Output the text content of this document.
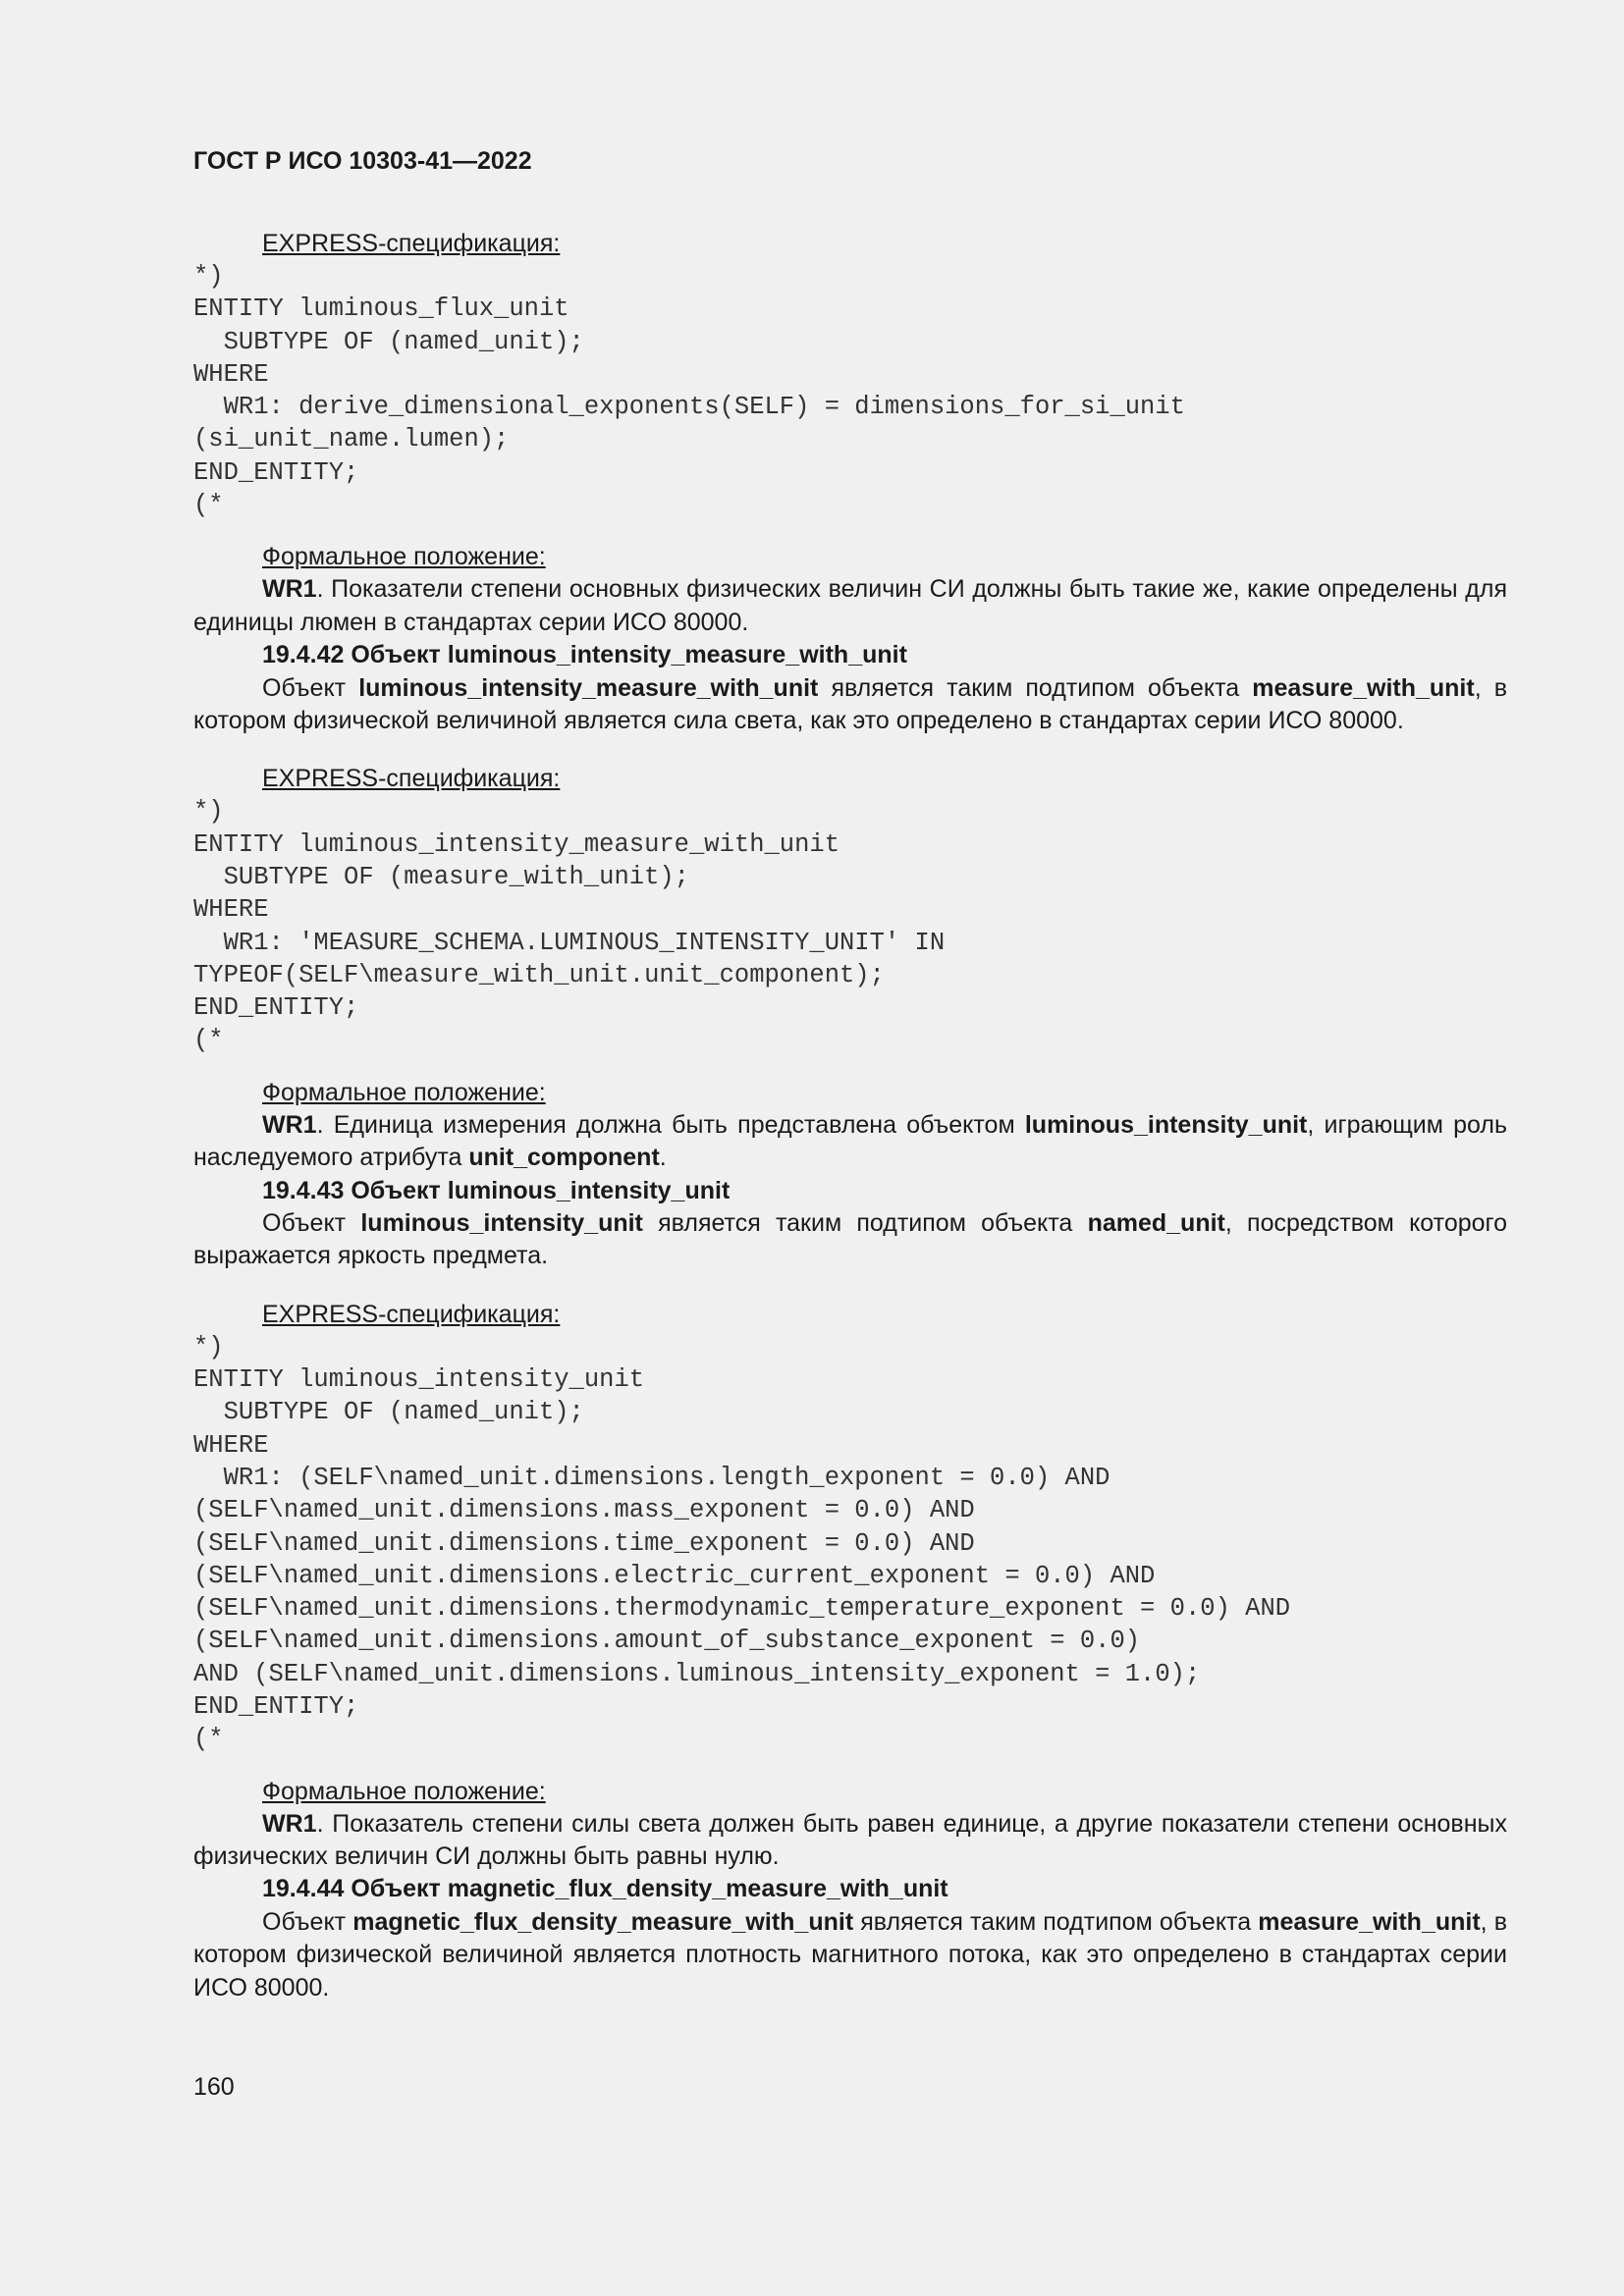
ГОСТ Р ИСО 10303-41—2022
EXPRESS-спецификация:
*)
ENTITY luminous_flux_unit
SUBTYPE OF (named_unit);
WHERE
WR1: derive_dimensional_exponents(SELF) = dimensions_for_si_unit
(si_unit_name.lumen);
END_ENTITY;
(*
Формальное положение:

WR1. Показатели степени основных физических величин СИ должны быть такие же, какие определены для единицы люмен в стандартах серии ИСО 80000.

19.4.42 Объект luminous_intensity_measure_with_unit

Объект luminous_intensity_measure_with_unit является таким подтипом объекта measure_with_unit, в котором физической величиной является сила света, как это определено в стандартах серии ИСО 80000.

EXPRESS-спецификация:
*)
ENTITY luminous_intensity_measure_with_unit
SUBTYPE OF (measure_with_unit);
WHERE
WR1: 'MEASURE_SCHEMA.LUMINOUS_INTENSITY_UNIT' IN
TYPEOF(SELF\measure_with_unit.unit_component);
END_ENTITY;
(*
Формальное положение:

WR1. Единица измерения должна быть представлена объектом luminous_intensity_unit, играющим роль наследуемого атрибута unit_component.

19.4.43 Объект luminous_intensity_unit

Объект luminous_intensity_unit является таким подтипом объекта named_unit, посредством которого выражается яркость предмета.

EXPRESS-спецификация:
*)
ENTITY luminous_intensity_unit
SUBTYPE OF (named_unit);
WHERE
WR1: (SELF\named_unit.dimensions.length_exponent = 0.0) AND
(SELF\named_unit.dimensions.mass_exponent = 0.0) AND
(SELF\named_unit.dimensions.time_exponent = 0.0) AND
(SELF\named_unit.dimensions.electric_current_exponent = 0.0) AND
(SELF\named_unit.dimensions.thermodynamic_temperature_exponent = 0.0) AND
(SELF\named_unit.dimensions.amount_of_substance_exponent = 0.0)
AND (SELF\named_unit.dimensions.luminous_intensity_exponent = 1.0);
END_ENTITY;
(*
Формальное положение:

WR1. Показатель степени силы света должен быть равен единице, а другие показатели степени основных физических величин СИ должны быть равны нулю.

19.4.44 Объект magnetic_flux_density_measure_with_unit

Объект magnetic_flux_density_measure_with_unit является таким подтипом объекта measure_with_unit, в котором физической величиной является плотность магнитного потока, как это определено в стандартах серии ИСО 80000.

160
